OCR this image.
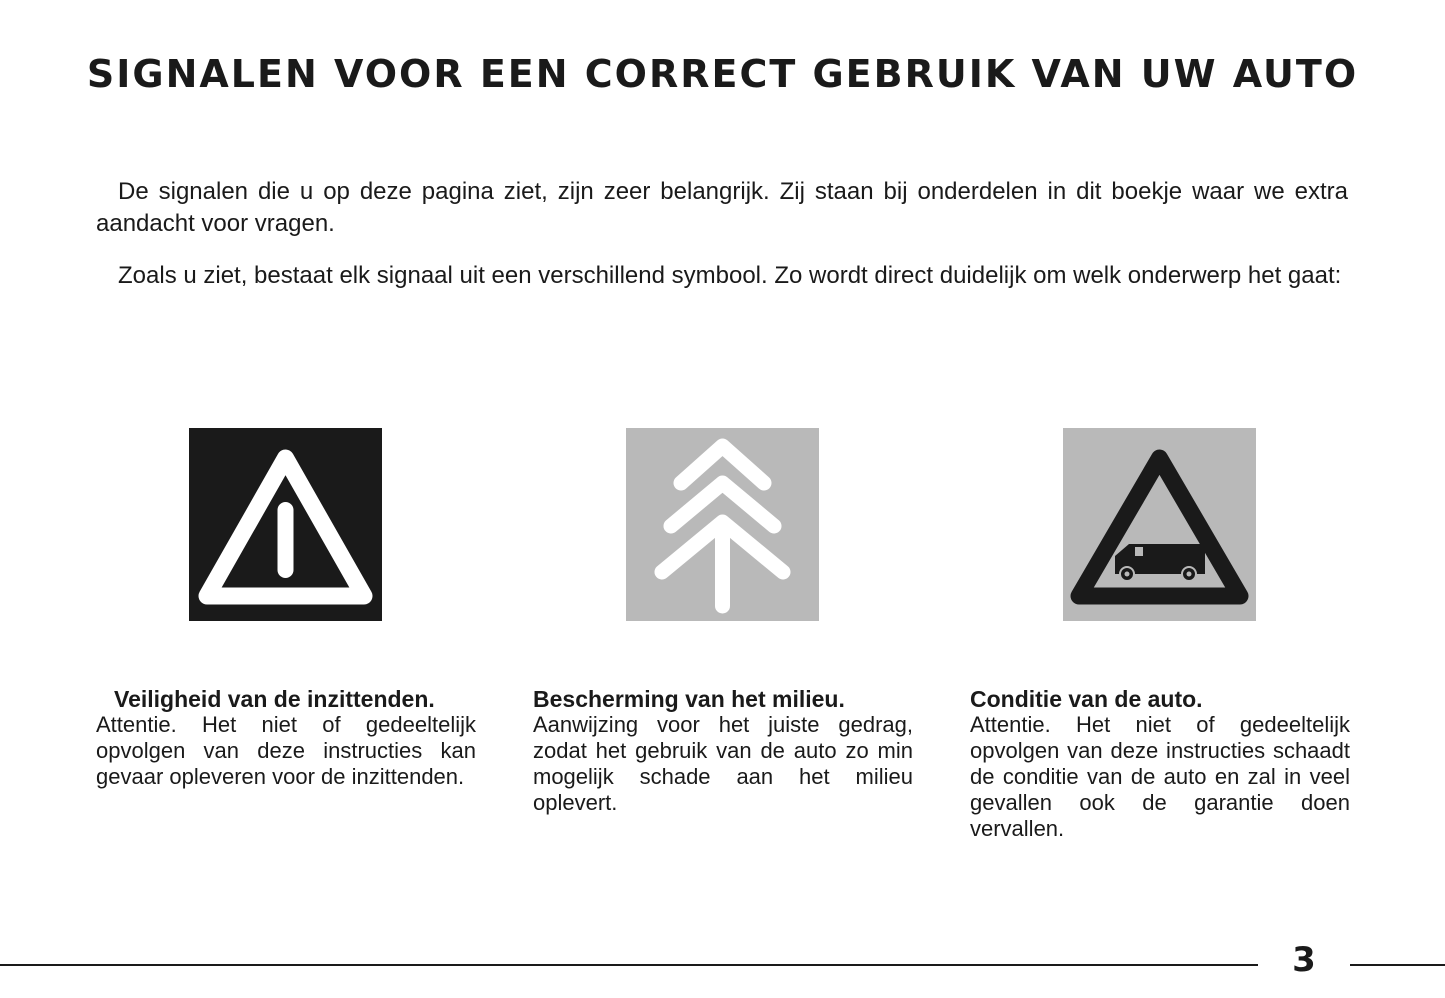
SIGNALEN VOOR EEN CORRECT GEBRUIK VAN UW AUTO

De signalen die u op deze pagina ziet, zijn zeer belangrijk. Zij staan bij onderdelen in dit boekje waar we extra aandacht voor vragen.

Zoals u ziet, bestaat elk signaal uit een verschillend symbool. Zo wordt direct duidelijk om welk onderwerp het gaat:

Veiligheid van de inzittenden.
Attentie. Het niet of gedeeltelijk opvolgen van deze instructies kan gevaar opleveren voor de inzittenden.
Bescherming van het milieu.
Aanwijzing voor het juiste gedrag, zodat het gebruik van de auto zo min mogelijk schade aan het milieu oplevert.
Conditie van de auto.
Attentie. Het niet of gedeeltelijk opvolgen van deze instructies schaadt de conditie van de auto en zal in veel gevallen ook de garantie doen vervallen.
3
